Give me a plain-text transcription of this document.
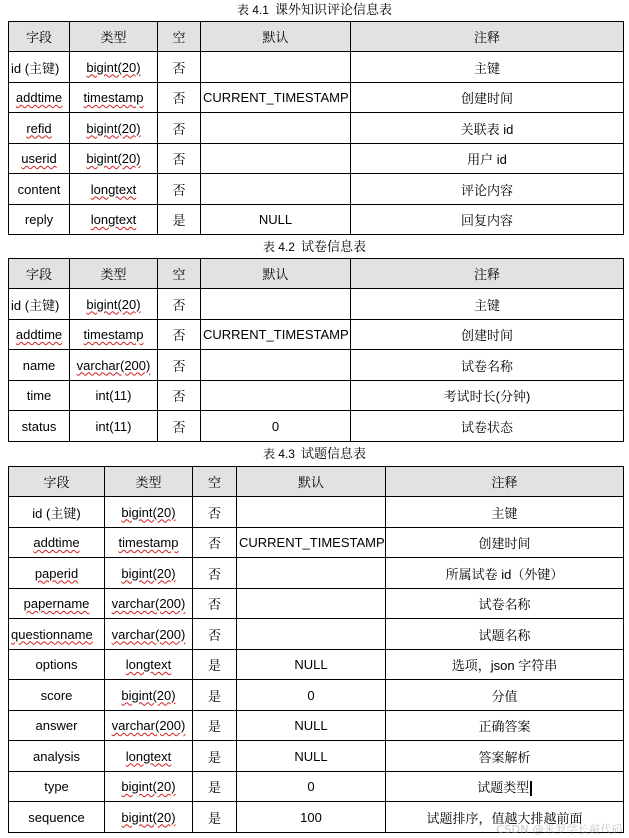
表 4.1 课外知识评论信息表
字段	类型	空	默认	注释
id (主键)	bigint(20)	否		主键
addtime	timestamp	否	CURRENT_TIMESTAMP	创建时间
refid	bigint(20)	否		关联表 id
userid	bigint(20)	否		用户 id
content	longtext	否		评论内容
reply	longtext	是	NULL	回复内容
表 4.2 试卷信息表
字段	类型	空	默认	注释
id (主键)	bigint(20)	否		主键
addtime	timestamp	否	CURRENT_TIMESTAMP	创建时间
name	varchar(200)	否		试卷名称
time	int(11)	否		考试时长(分钟)
status	int(11)	否	0	试卷状态
表 4.3 试题信息表
字段	类型	空	默认	注释
id (主键)	bigint(20)	否		主键
addtime	timestamp	否	CURRENT_TIMESTAMP	创建时间
paperid	bigint(20)	否		所属试卷 id（外键）
papername	varchar(200)	否		试卷名称
questionname	varchar(200)	否		试题名称
options	longtext	是	NULL	选项，json 字符串
score	bigint(20)	是	0	分值
answer	varchar(200)	是	NULL	正确答案
analysis	longtext	是	NULL	答案解析
type	bigint(20)	是	0	试题类型
sequence	bigint(20)	是	100	试题排序，值越大排越前面
CSDN @米罗学长敲代码
